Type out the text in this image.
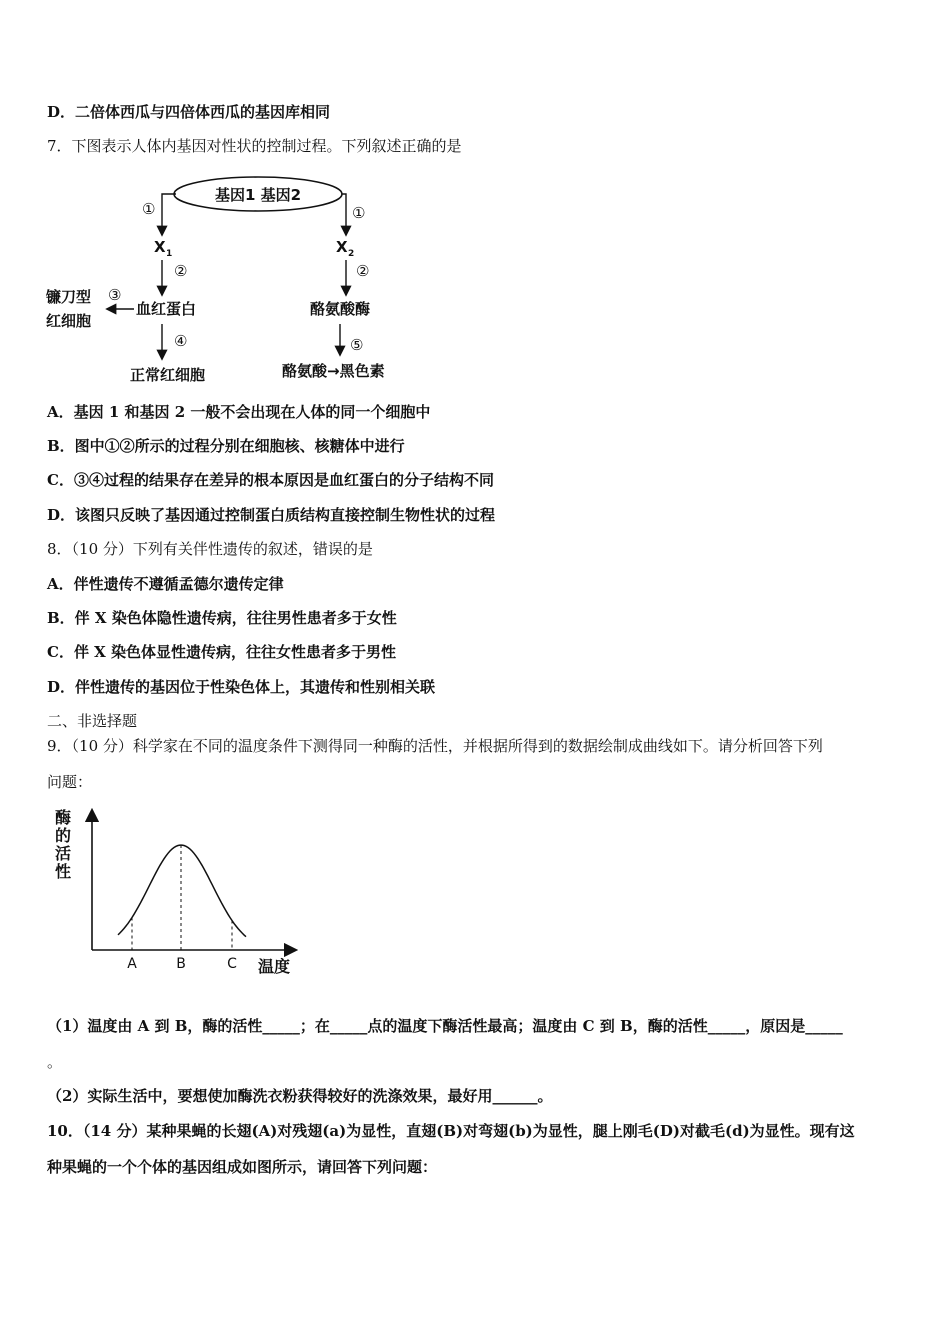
D．二倍体西瓜与四倍体西瓜的基因库相同
7．下图表示人体内基因对性状的控制过程。下列叙述正确的是
基因1 基因2
①	①
X 1	X 2
②	②
镰刀型
红细胞
③
血红蛋白	酪氨酸酶
④	⑤
正常红细胞	酪氨酸→黑色素
A．基因 1 和基因 2 一般不会出现在人体的同一个细胞中
B．图中①②所示的过程分别在细胞核、核糖体中进行
C．③④过程的结果存在差异的根本原因是血红蛋白的分子结构不同
D．该图只反映了基因通过控制蛋白质结构直接控制生物性状的过程
8．（10 分）下列有关伴性遗传的叙述，错误的是
A．伴性遗传不遵循孟德尔遗传定律
B．伴 X 染色体隐性遗传病，往往男性患者多于女性
C．伴 X 染色体显性遗传病，往往女性患者多于男性
D．伴性遗传的基因位于性染色体上，其遗传和性别相关联
二、非选择题
9．（10 分）科学家在不同的温度条件下测得同一种酶的活性，并根据所得到的数据绘制成曲线如下。请分析回答下列
问题：
酶
的
活
性
A	B	C 温度
（1）温度由 A 到 B，酶的活性_____；在_____点的温度下酶活性最高；温度由 C 到 B，酶的活性_____，原因是_____
。
（2）实际生活中，要想使加酶洗衣粉获得较好的洗涤效果，最好用______。
10．（14 分）某种果蝇的长翅(A)对残翅(a)为显性，直翅(B)对弯翅(b)为显性，腿上刚毛(D)对截毛(d)为显性。现有这
种果蝇的一个个体的基因组成如图所示，请回答下列问题：
